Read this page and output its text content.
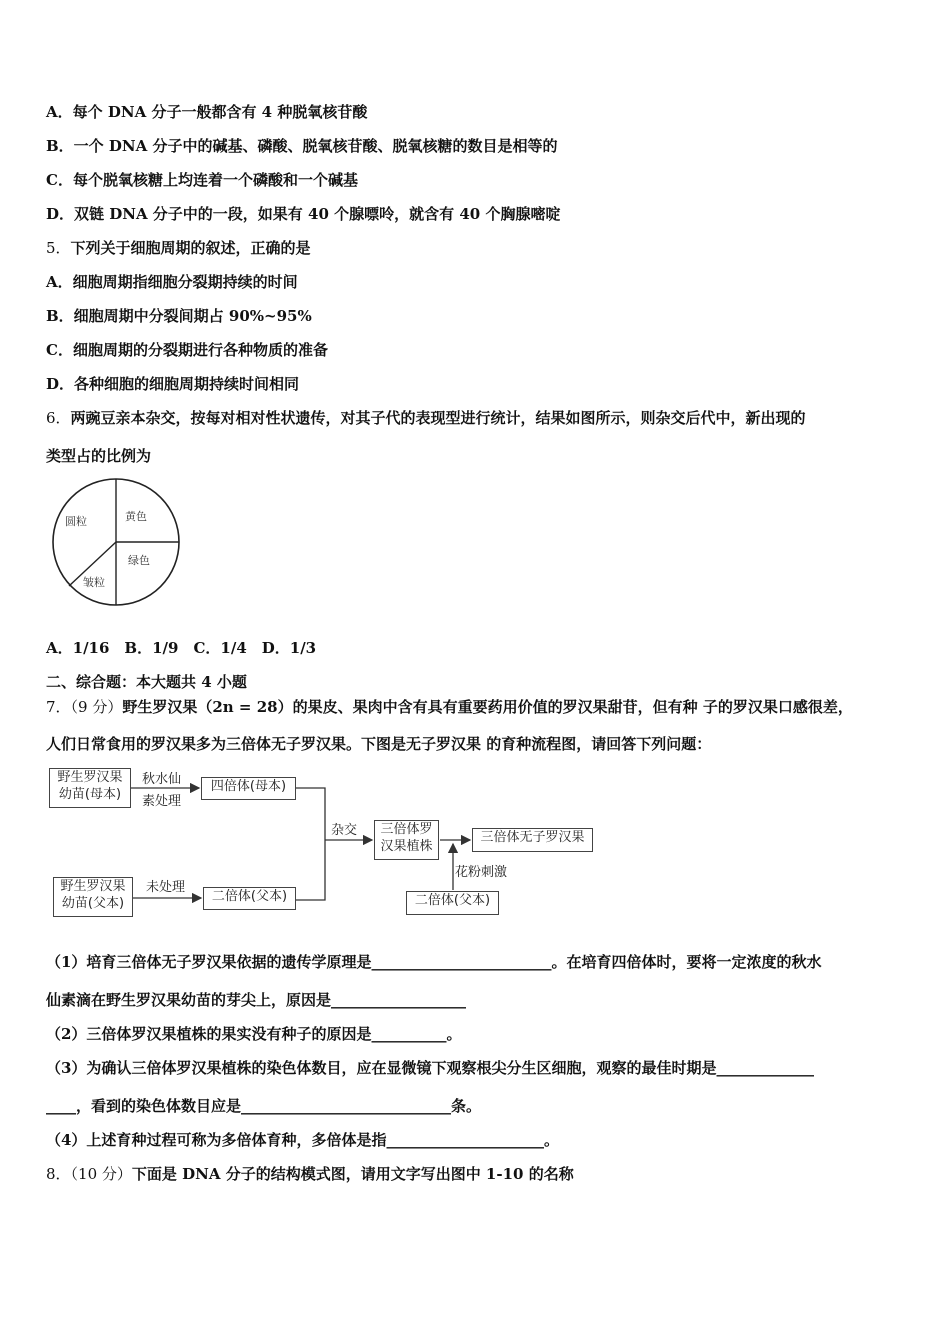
A．每个 DNA 分子一般都含有 4 种脱氧核苷酸
B．一个 DNA 分子中的碱基、磷酸、脱氧核苷酸、脱氧核糖的数目是相等的
C．每个脱氧核糖上均连着一个磷酸和一个碱基
D．双链 DNA 分子中的一段，如果有 40 个腺嘌呤，就含有 40 个胸腺嘧啶
5．下列关于细胞周期的叙述，正确的是
A．细胞周期指细胞分裂期持续的时间
B．细胞周期中分裂间期占 90%~95%
C．细胞周期的分裂期进行各种物质的准备
D．各种细胞的细胞周期持续时间相同
6．两豌豆亲本杂交，按每对相对性状遗传，对其子代的表现型进行统计，结果如图所示，则杂交后代中，新出现的
类型占的比例为
圆粒	黄色
绿色
皱粒
A．1/16　B．1/9　C．1/4　D．1/3
二、综合题：本大题共 4 小题
7．（9 分）野生罗汉果（2n = 28）的果皮、果肉中含有具有重要药用价值的罗汉果甜苷，但有种 子的罗汉果口感很差，
人们日常食用的罗汉果多为三倍体无子罗汉果。下图是无子罗汉果 的育种流程图，请回答下列问题：
野生罗汉果
幼苗(母本)
秋水仙
素处理
四倍体(母本)
野生罗汉果
幼苗(父本)
未处理
二倍体(父本)
杂交	三倍体罗
汉果植株
三倍体无子罗汉果
花粉刺激
二倍体(父本)
（1）培育三倍体无子罗汉果依据的遗传学原理是________________________。在培育四倍体时，要将一定浓度的秋水
仙素滴在野生罗汉果幼苗的芽尖上，原因是__________________
（2）三倍体罗汉果植株的果实没有种子的原因是__________。
（3）为确认三倍体罗汉果植株的染色体数目，应在显微镜下观察根尖分生区细胞，观察的最佳时期是_____________
____，看到的染色体数目应是____________________________条。
（4）上述育种过程可称为多倍体育种，多倍体是指_____________________。
8．（10 分）下面是 DNA 分子的结构模式图，请用文字写出图中 1-10 的名称
